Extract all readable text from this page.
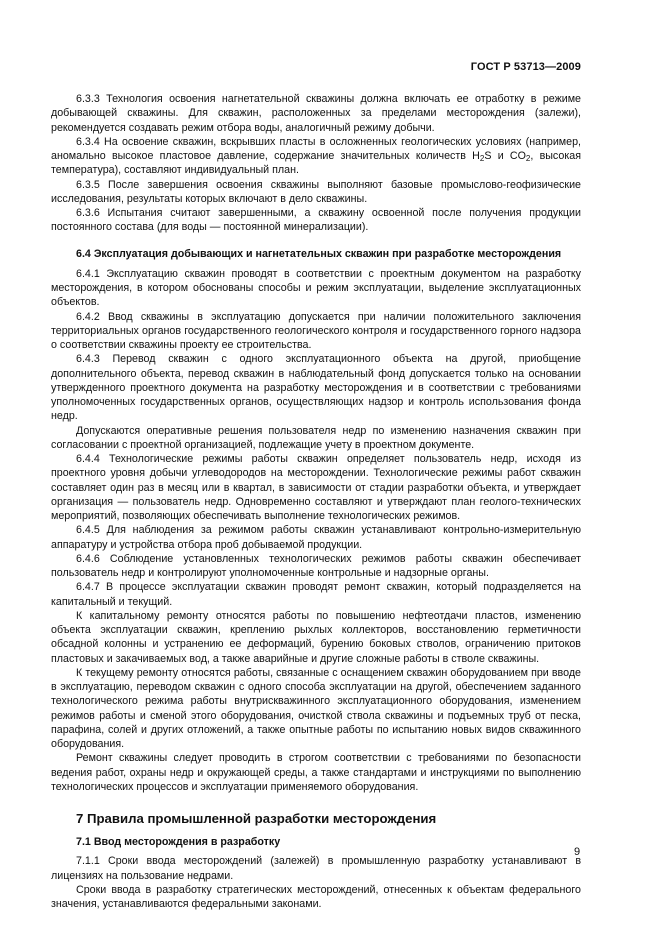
ГОСТ Р 53713—2009

6.3.3 Технология освоения нагнетательной скважины должна включать ее отработку в режиме добывающей скважины. Для скважин, расположенных за пределами месторождения (залежи), рекомендуется создавать режим отбора воды, аналогичный режиму добычи.

6.3.4 На освоение скважин, вскрывших пласты в осложненных геологических условиях (например, аномально высокое пластовое давление, содержание значительных количеств $H_2S$ и $CO_2$, высокая температура), составляют индивидуальный план.

6.3.5 После завершения освоения скважины выполняют базовые промыслово-геофизические исследования, результаты которых включают в дело скважины.

6.3.6 Испытания считают завершенными, а скважину освоенной после получения продукции постоянного состава (для воды — постоянной минерализации).

6.4 Эксплуатация добывающих и нагнетательных скважин при разработке месторождения

6.4.1 Эксплуатацию скважин проводят в соответствии с проектным документом на разработку месторождения, в котором обоснованы способы и режим эксплуатации, выделение эксплуатационных объектов.

6.4.2 Ввод скважины в эксплуатацию допускается при наличии положительного заключения территориальных органов государственного геологического контроля и государственного горного надзора о соответствии скважины проекту ее строительства.

6.4.3 Перевод скважин с одного эксплуатационного объекта на другой, приобщение дополнительного объекта, перевод скважин в наблюдательный фонд допускается только на основании утвержденного проектного документа на разработку месторождения и в соответствии с требованиями уполномоченных государственных органов, осуществляющих надзор и контроль использования фонда недр.

Допускаются оперативные решения пользователя недр по изменению назначения скважин при согласовании с проектной организацией, подлежащие учету в проектном документе.

6.4.4 Технологические режимы работы скважин определяет пользователь недр, исходя из проектного уровня добычи углеводородов на месторождении. Технологические режимы работ скважин составляет один раз в месяц или в квартал, в зависимости от стадии разработки объекта, и утверждает организация — пользователь недр. Одновременно составляют и утверждают план геолого-технических мероприятий, позволяющих обеспечивать выполнение технологических режимов.

6.4.5 Для наблюдения за режимом работы скважин устанавливают контрольно-измерительную аппаратуру и устройства отбора проб добываемой продукции.

6.4.6 Соблюдение установленных технологических режимов работы скважин обеспечивает пользователь недр и контролируют уполномоченные контрольные и надзорные органы.

6.4.7 В процессе эксплуатации скважин проводят ремонт скважин, который подразделяется на капитальный и текущий.

К капитальному ремонту относятся работы по повышению нефтеотдачи пластов, изменению объекта эксплуатации скважин, креплению рыхлых коллекторов, восстановлению герметичности обсадной колонны и устранению ее деформаций, бурению боковых стволов, ограничению притоков пластовых и закачиваемых вод, а также аварийные и другие сложные работы в стволе скважины.

К текущему ремонту относятся работы, связанные с оснащением скважин оборудованием при вводе в эксплуатацию, переводом скважин с одного способа эксплуатации на другой, обеспечением заданного технологического режима работы внутрискважинного эксплуатационного оборудования, изменением режимов работы и сменой этого оборудования, очисткой ствола скважины и подъемных труб от песка, парафина, солей и других отложений, а также опытные работы по испытанию новых видов скважинного оборудования.

Ремонт скважины следует проводить в строгом соответствии с требованиями по безопасности ведения работ, охраны недр и окружающей среды, а также стандартами и инструкциями по выполнению технологических процессов и эксплуатации применяемого оборудования.

7 Правила промышленной разработки месторождения
7.1 Ввод месторождения в разработку

7.1.1 Сроки ввода месторождений (залежей) в промышленную разработку устанавливают в лицензиях на пользование недрами.

Сроки ввода в разработку стратегических месторождений, отнесенных к объектам федерального значения, устанавливаются федеральными законами.

9
